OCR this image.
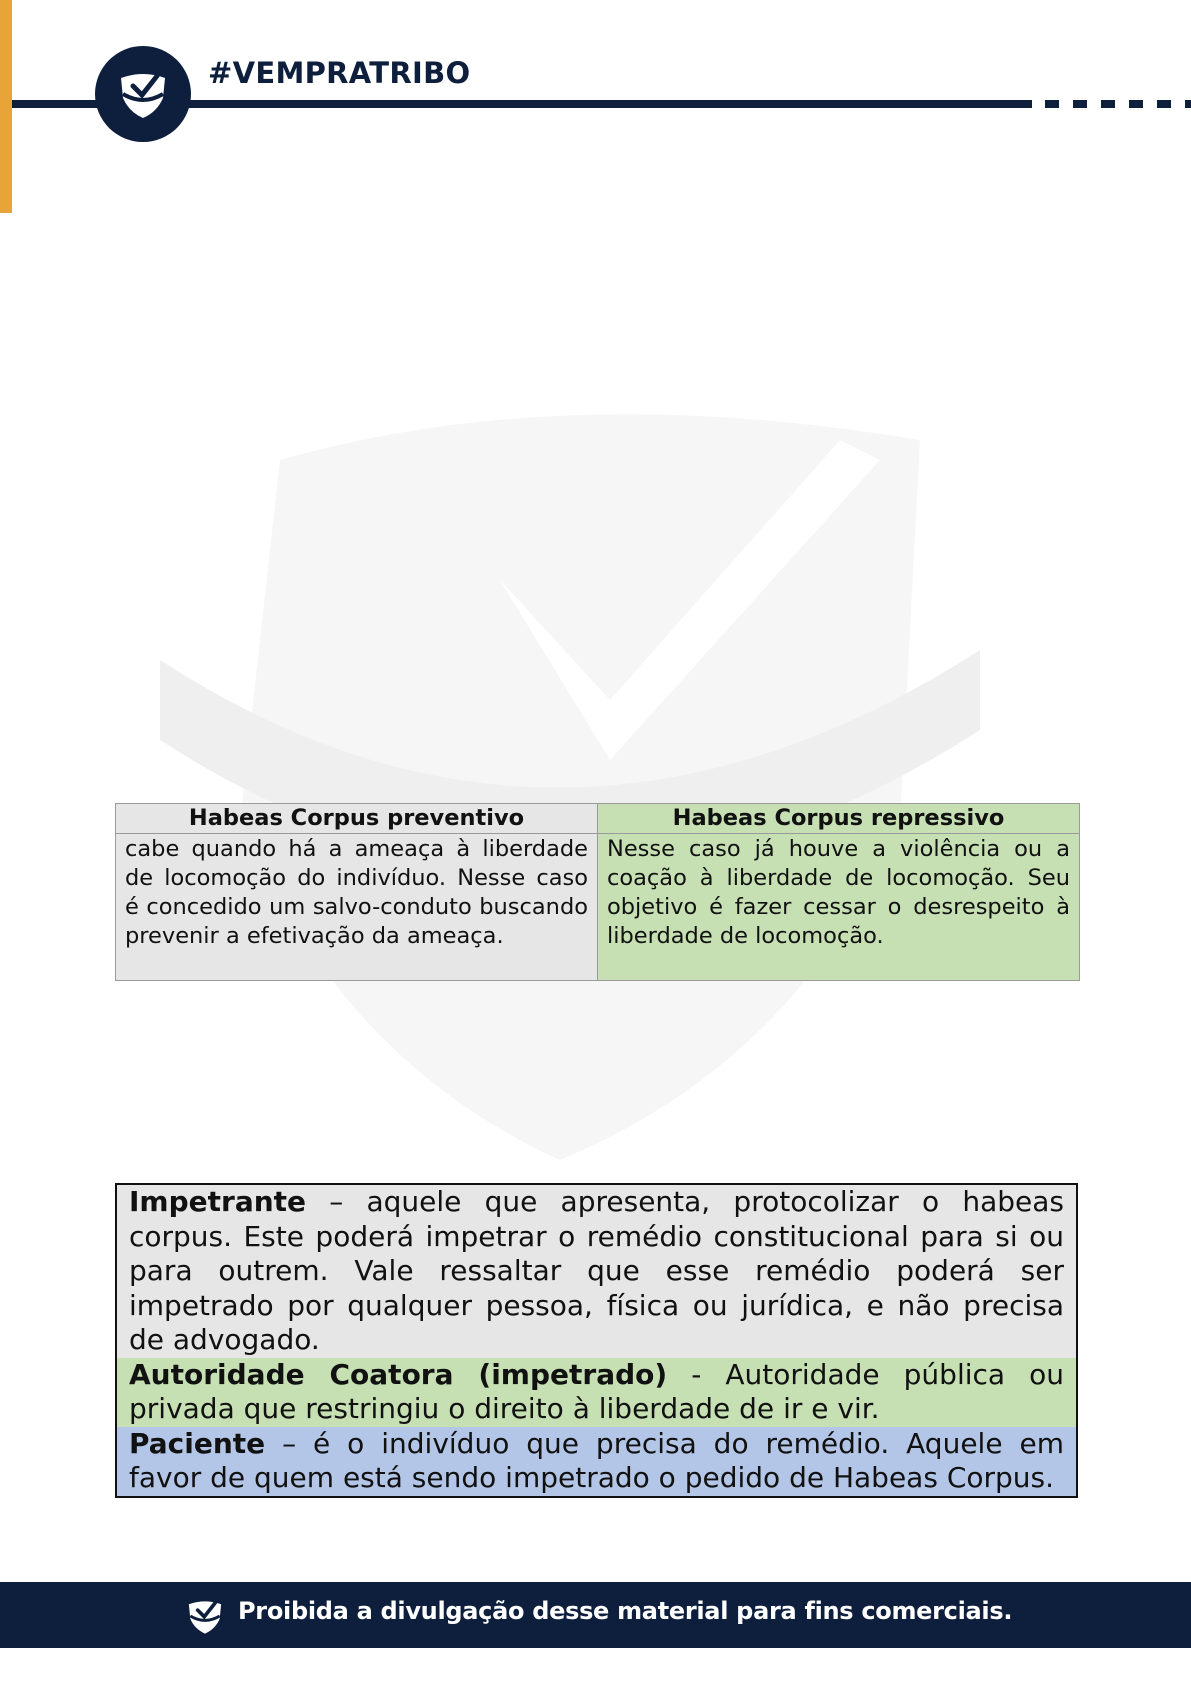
#VEMPRATRIBO
Habeas Corpus preventivo	Habeas Corpus repressivo
cabe quando há a ameaça à liberdade de locomoção do indivíduo. Nesse caso é concedido um salvo-conduto buscando prevenir a efetivação da ameaça.	Nesse caso já houve a violência ou a coação à liberdade de locomoção. Seu objetivo é fazer cessar o desrespeito à liberdade de locomoção.

Impetrante – aquele que apresenta, protocolizar o habeas corpus. Este poderá impetrar o remédio constitucional para si ou para outrem. Vale ressaltar que esse remédio poderá ser impetrado por qualquer pessoa, física ou jurídica, e não precisa de advogado.

Autoridade Coatora (impetrado) - Autoridade pública ou privada que restringiu o direito à liberdade de ir e vir.

Paciente – é o indivíduo que precisa do remédio. Aquele em favor de quem está sendo impetrado o pedido de Habeas Corpus.

Proibida a divulgação desse material para fins comerciais.
